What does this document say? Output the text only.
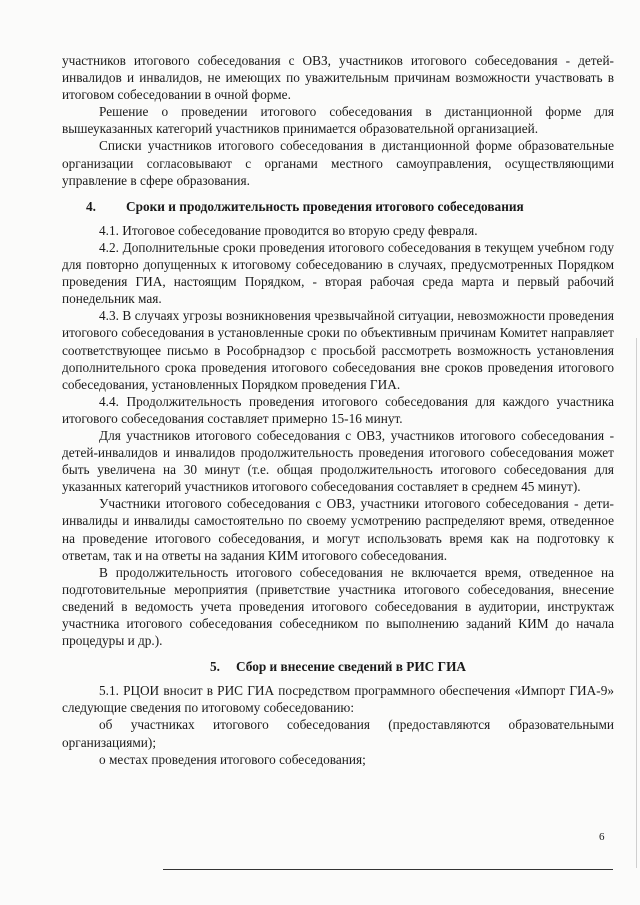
участников итогового собеседования с ОВЗ, участников итогового собеседования - детей-инвалидов и инвалидов, не имеющих по уважительным причинам возможности участвовать в итоговом собеседовании в очной форме.

Решение о проведении итогового собеседования в дистанционной форме для вышеуказанных категорий участников принимается образовательной организацией.

Списки участников итогового собеседования в дистанционной форме образовательные организации согласовывают с органами местного самоуправления, осуществляющими управление в сфере образования.

4. Сроки и продолжительность проведения итогового собеседования

4.1. Итоговое собеседование проводится во вторую среду февраля.

4.2. Дополнительные сроки проведения итогового собеседования в текущем учебном году для повторно допущенных к итоговому собеседованию в случаях, предусмотренных Порядком проведения ГИА, настоящим Порядком, - вторая рабочая среда марта и первый рабочий понедельник мая.

4.3. В случаях угрозы возникновения чрезвычайной ситуации, невозможности проведения итогового собеседования в установленные сроки по объективным причинам Комитет направляет соответствующее письмо в Рособрнадзор с просьбой рассмотреть возможность установления дополнительного срока проведения итогового собеседования вне сроков проведения итогового собеседования, установленных Порядком проведения ГИА.

4.4. Продолжительность проведения итогового собеседования для каждого участника итогового собеседования составляет примерно 15-16 минут.

Для участников итогового собеседования с ОВЗ, участников итогового собеседования - детей-инвалидов и инвалидов продолжительность проведения итогового собеседования может быть увеличена на 30 минут (т.е. общая продолжительность итогового собеседования для указанных категорий участников итогового собеседования составляет в среднем 45 минут).

Участники итогового собеседования с ОВЗ, участники итогового собеседования - дети-инвалиды и инвалиды самостоятельно по своему усмотрению распределяют время, отведенное на проведение итогового собеседования, и могут использовать время как на подготовку к ответам, так и на ответы на задания КИМ итогового собеседования.

В продолжительность итогового собеседования не включается время, отведенное на подготовительные мероприятия (приветствие участника итогового собеседования, внесение сведений в ведомость учета проведения итогового собеседования в аудитории, инструктаж участника итогового собеседования собеседником по выполнению заданий КИМ до начала процедуры и др.).

5. Сбор и внесение сведений в РИС ГИА

5.1. РЦОИ вносит в РИС ГИА посредством программного обеспечения «Импорт ГИА-9» следующие сведения по итоговому собеседованию:

об участниках итогового собеседования (предоставляются образовательными организациями);

о местах проведения итогового собеседования;

6
